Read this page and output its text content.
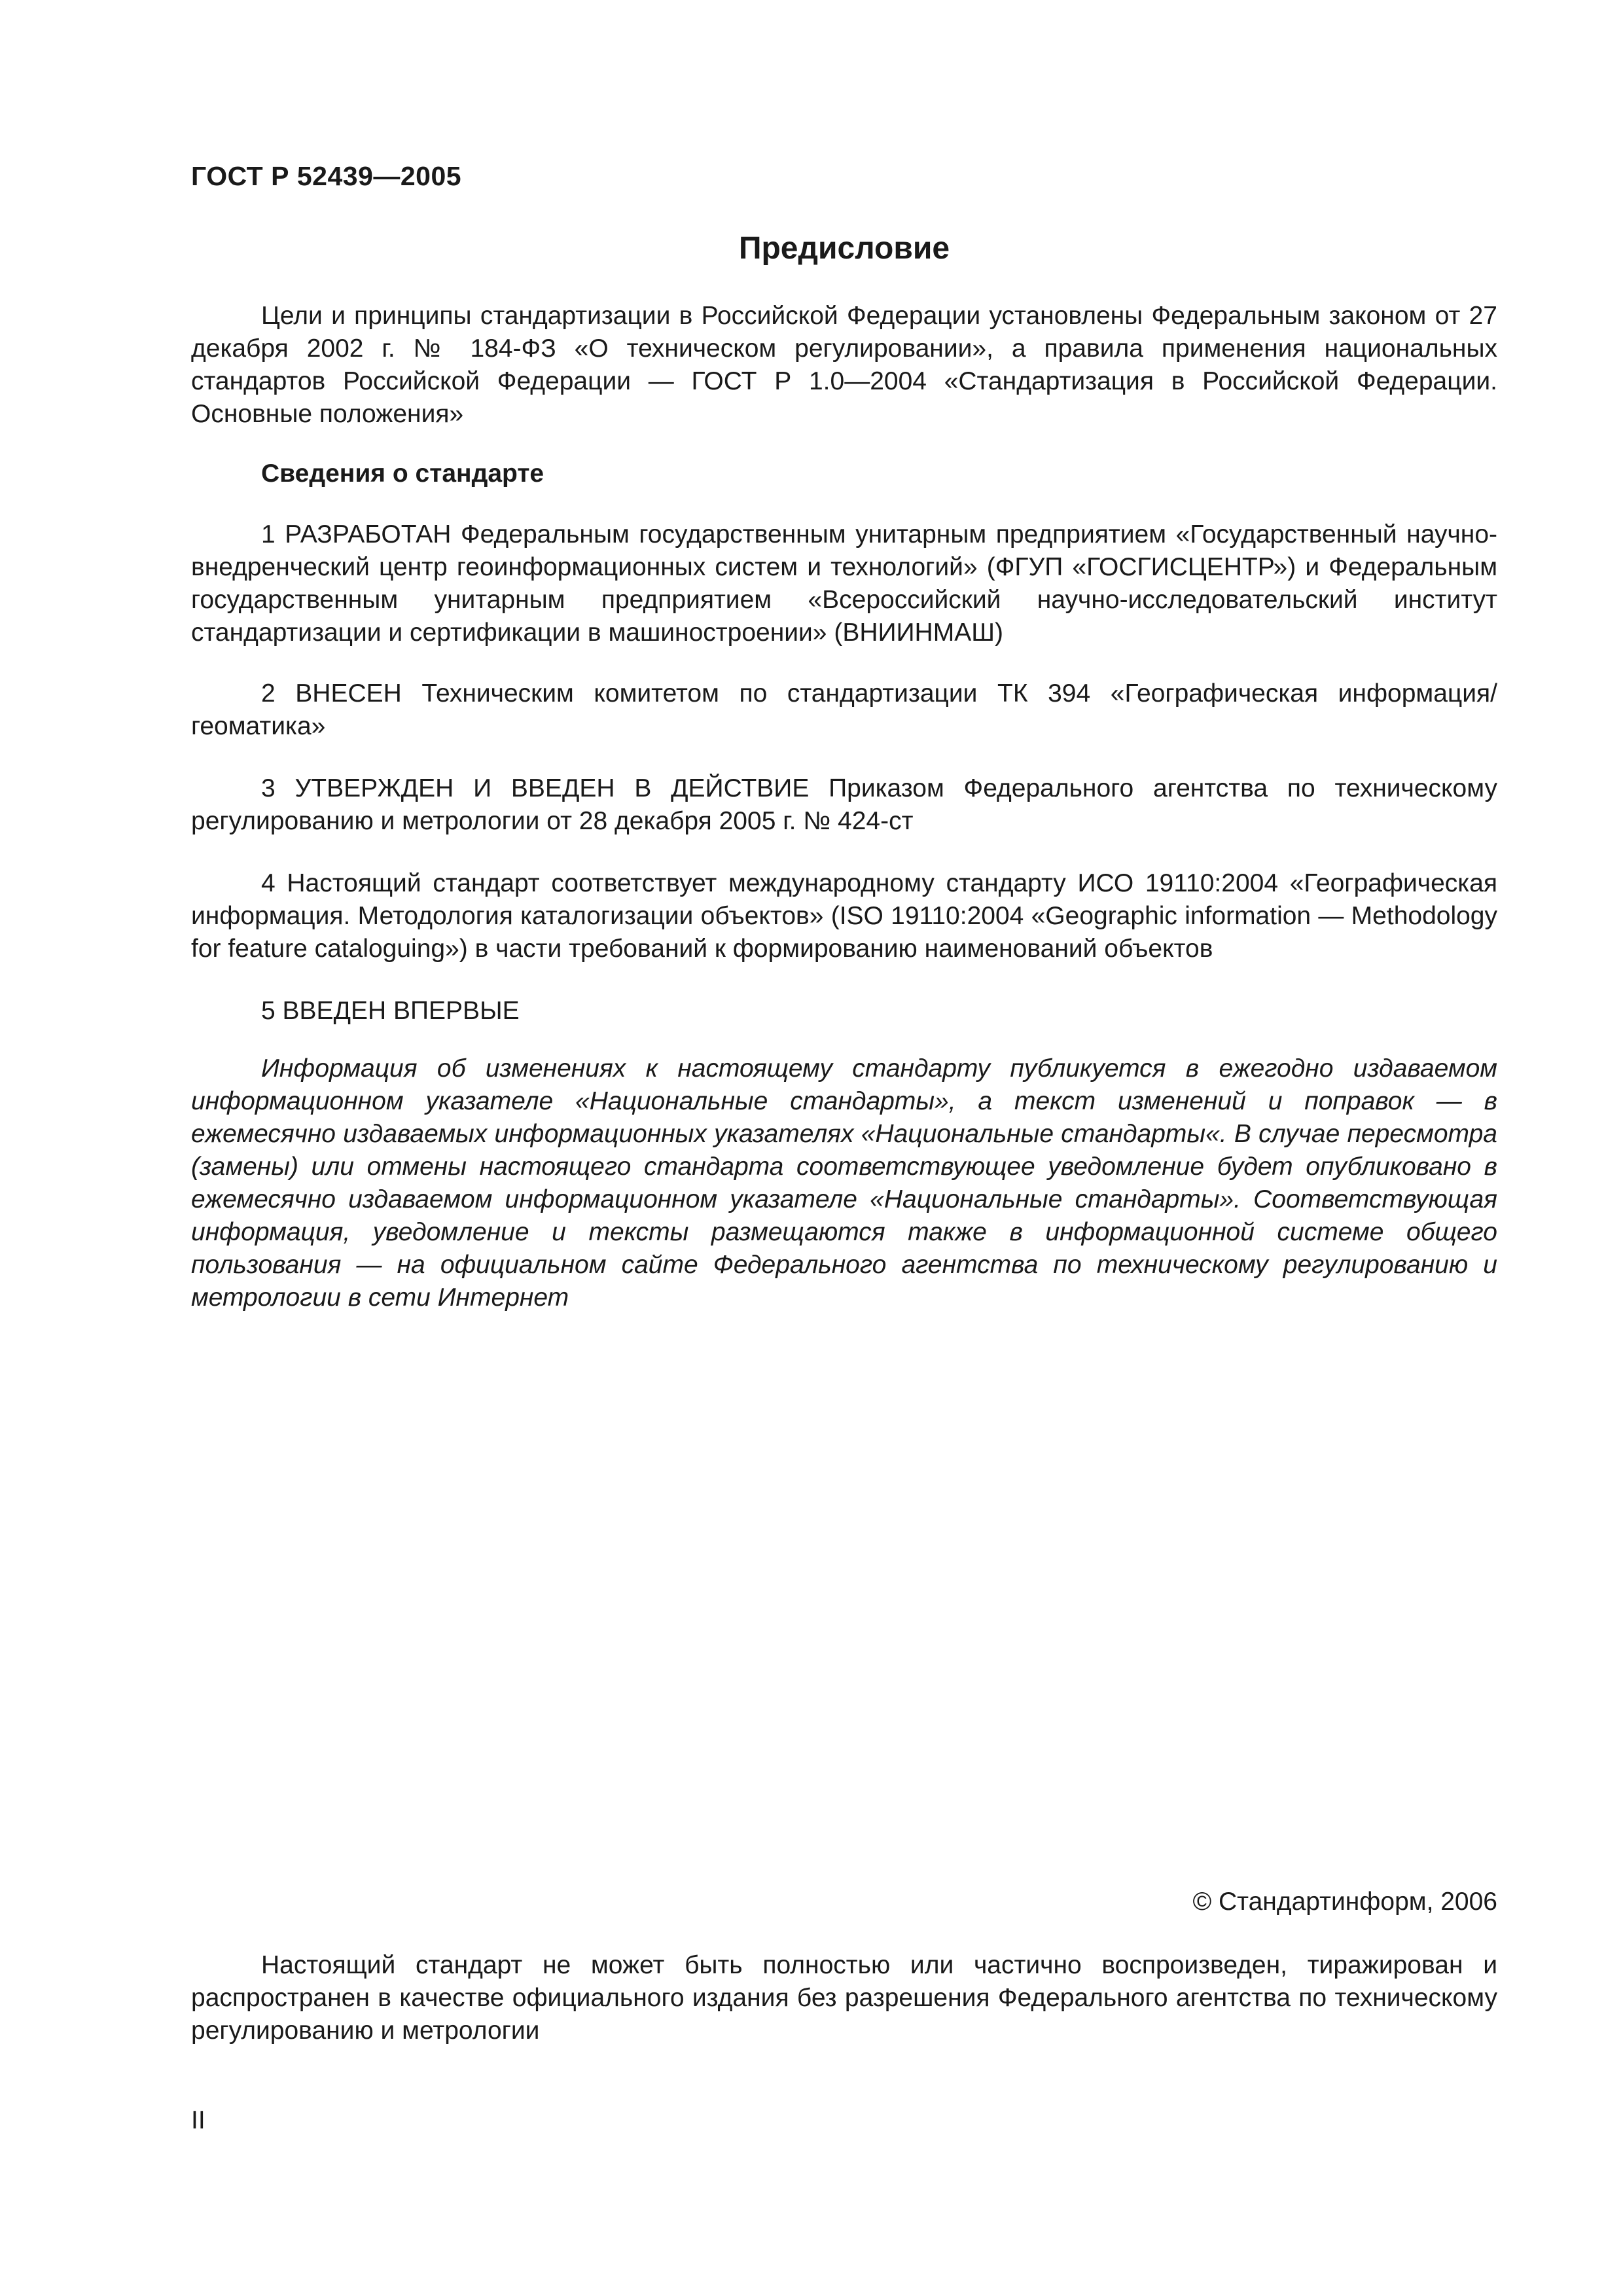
ГОСТ Р 52439—2005
Предисловие

Цели и принципы стандартизации в Российской Федерации установлены Федеральным законом от 27 декабря 2002 г. № 184-ФЗ «О техническом регулировании», а правила применения национальных стандартов Российской Федерации — ГОСТ Р 1.0—2004 «Стандартизация в Российской Федерации. Основные положения»

Сведения о стандарте

1 РАЗРАБОТАН Федеральным государственным унитарным предприятием «Государственный научно-внедренческий центр геоинформационных систем и технологий» (ФГУП «ГОСГИСЦЕНТР») и Федеральным государственным унитарным предприятием «Всероссийский научно-исследовательский институт стандартизации и сертификации в машиностроении» (ВНИИНМАШ)

2 ВНЕСЕН Техническим комитетом по стандартизации ТК 394 «Географическая информация/геоматика»

3 УТВЕРЖДЕН И ВВЕДЕН В ДЕЙСТВИЕ Приказом Федерального агентства по техническому регулированию и метрологии от 28 декабря 2005 г. № 424-ст

4 Настоящий стандарт соответствует международному стандарту ИСО 19110:2004 «Географическая информация. Методология каталогизации объектов» (ISO 19110:2004 «Geographic information — Methodology for feature cataloguing») в части требований к формированию наименований объектов

5 ВВЕДЕН ВПЕРВЫЕ

Информация об изменениях к настоящему стандарту публикуется в ежегодно издаваемом информационном указателе «Национальные стандарты», а текст изменений и поправок — в ежемесячно издаваемых информационных указателях «Национальные стандарты«. В случае пересмотра (замены) или отмены настоящего стандарта соответствующее уведомление будет опубликовано в ежемесячно издаваемом информационном указателе «Национальные стандарты». Соответствующая информация, уведомление и тексты размещаются также в информационной системе общего пользования — на официальном сайте Федерального агентства по техническому регулированию и метрологии в сети Интернет

© Стандартинформ, 2006

Настоящий стандарт не может быть полностью или частично воспроизведен, тиражирован и распространен в качестве официального издания без разрешения Федерального агентства по техническому регулированию и метрологии

II
